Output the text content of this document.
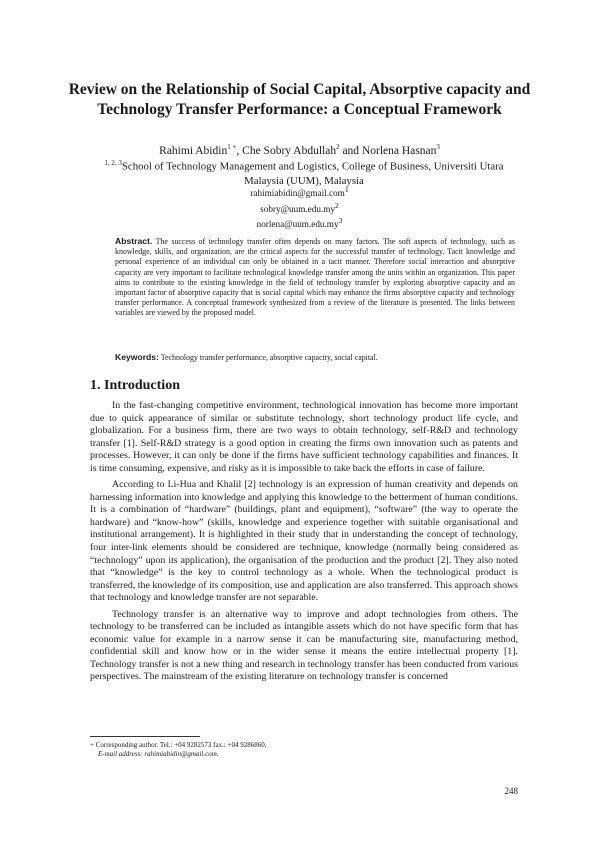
Review on the Relationship of Social Capital, Absorptive capacity and Technology Transfer Performance: a Conceptual Framework
Rahimi Abidin$^{1 +}$, Che Sobry Abdullah$^2$ and Norlena Hasnan$^3$
$^{1, 2, 3}$School of Technology Management and Logistics, College of Business, Universiti Utara Malaysia (UUM), Malaysia
rahimiabidin@gmail.com$^1$
$sobry@uum.edu.my^2$
$norlena@uum.edu.my^3$
Abstract. The success of technology transfer often depends on many factors. The soft aspects of technology, such as knowledge, skills, and organization, are the critical aspects for the successful transfer of technology. Tacit knowledge and personal experience of an individual can only be obtained in a tacit manner. Therefore social interaction and absorptive capacity are very important to facilitate technological knowledge transfer among the units within an organization. This paper aims to contribute to the existing knowledge in the field of technology transfer by exploring absorptive capacity and an important factor of absorptive capacity that is social capital which may enhance the firms absorptive capacity and technology transfer performance. A conceptual framework synthesized from a review of the literature is presented. The links between variables are viewed by the proposed model.
Keywords: Technology transfer performance, absorptive capacity, social capital.
1. Introduction

In the fast-changing competitive environment, technological innovation has become more important due to quick appearance of similar or substitute technology, short technology product life cycle, and globalization. For a business firm, there are two ways to obtain technology, self-R&D and technology transfer [1]. Self-R&D strategy is a good option in creating the firms own innovation such as patents and processes. However, it can only be done if the firms have sufficient technology capabilities and finances. It is time consuming, expensive, and risky as it is impossible to take back the efforts in case of failure.

According to Li-Hua and Khalil [2] technology is an expression of human creativity and depends on harnessing information into knowledge and applying this knowledge to the betterment of human conditions. It is a combination of “hardware” (buildings, plant and equipment), “software” (the way to operate the hardware) and “know-how” (skills, knowledge and experience together with suitable organisational and institutional arrangement). It is highlighted in their study that in understanding the concept of technology, four inter-link elements should be considered are technique, knowledge (normally being considered as “technology” upon its application), the organisation of the production and the product [2]. They also noted that “knowledge” is the key to control technology as a whole. When the technological product is transferred, the knowledge of its composition, use and application are also transferred. This approach shows that technology and knowledge transfer are not separable.

Technology transfer is an alternative way to improve and adopt technologies from others. The technology to be transferred can be included as intangible assets which do not have specific form that has economic value for example in a narrow sense it can be manufacturing site, manufacturing method, confidential skill and know how or in the wider sense it means the entire intellectual property [1]. Technology transfer is not a new thing and research in technology transfer has been conducted from various perspectives. The mainstream of the existing literature on technology transfer is concerned

+ Corresponding author. Tel.: +04 9282573 fax.: +04 9286860.
E-mail address: rahimiabidin@gmail.com.
248
